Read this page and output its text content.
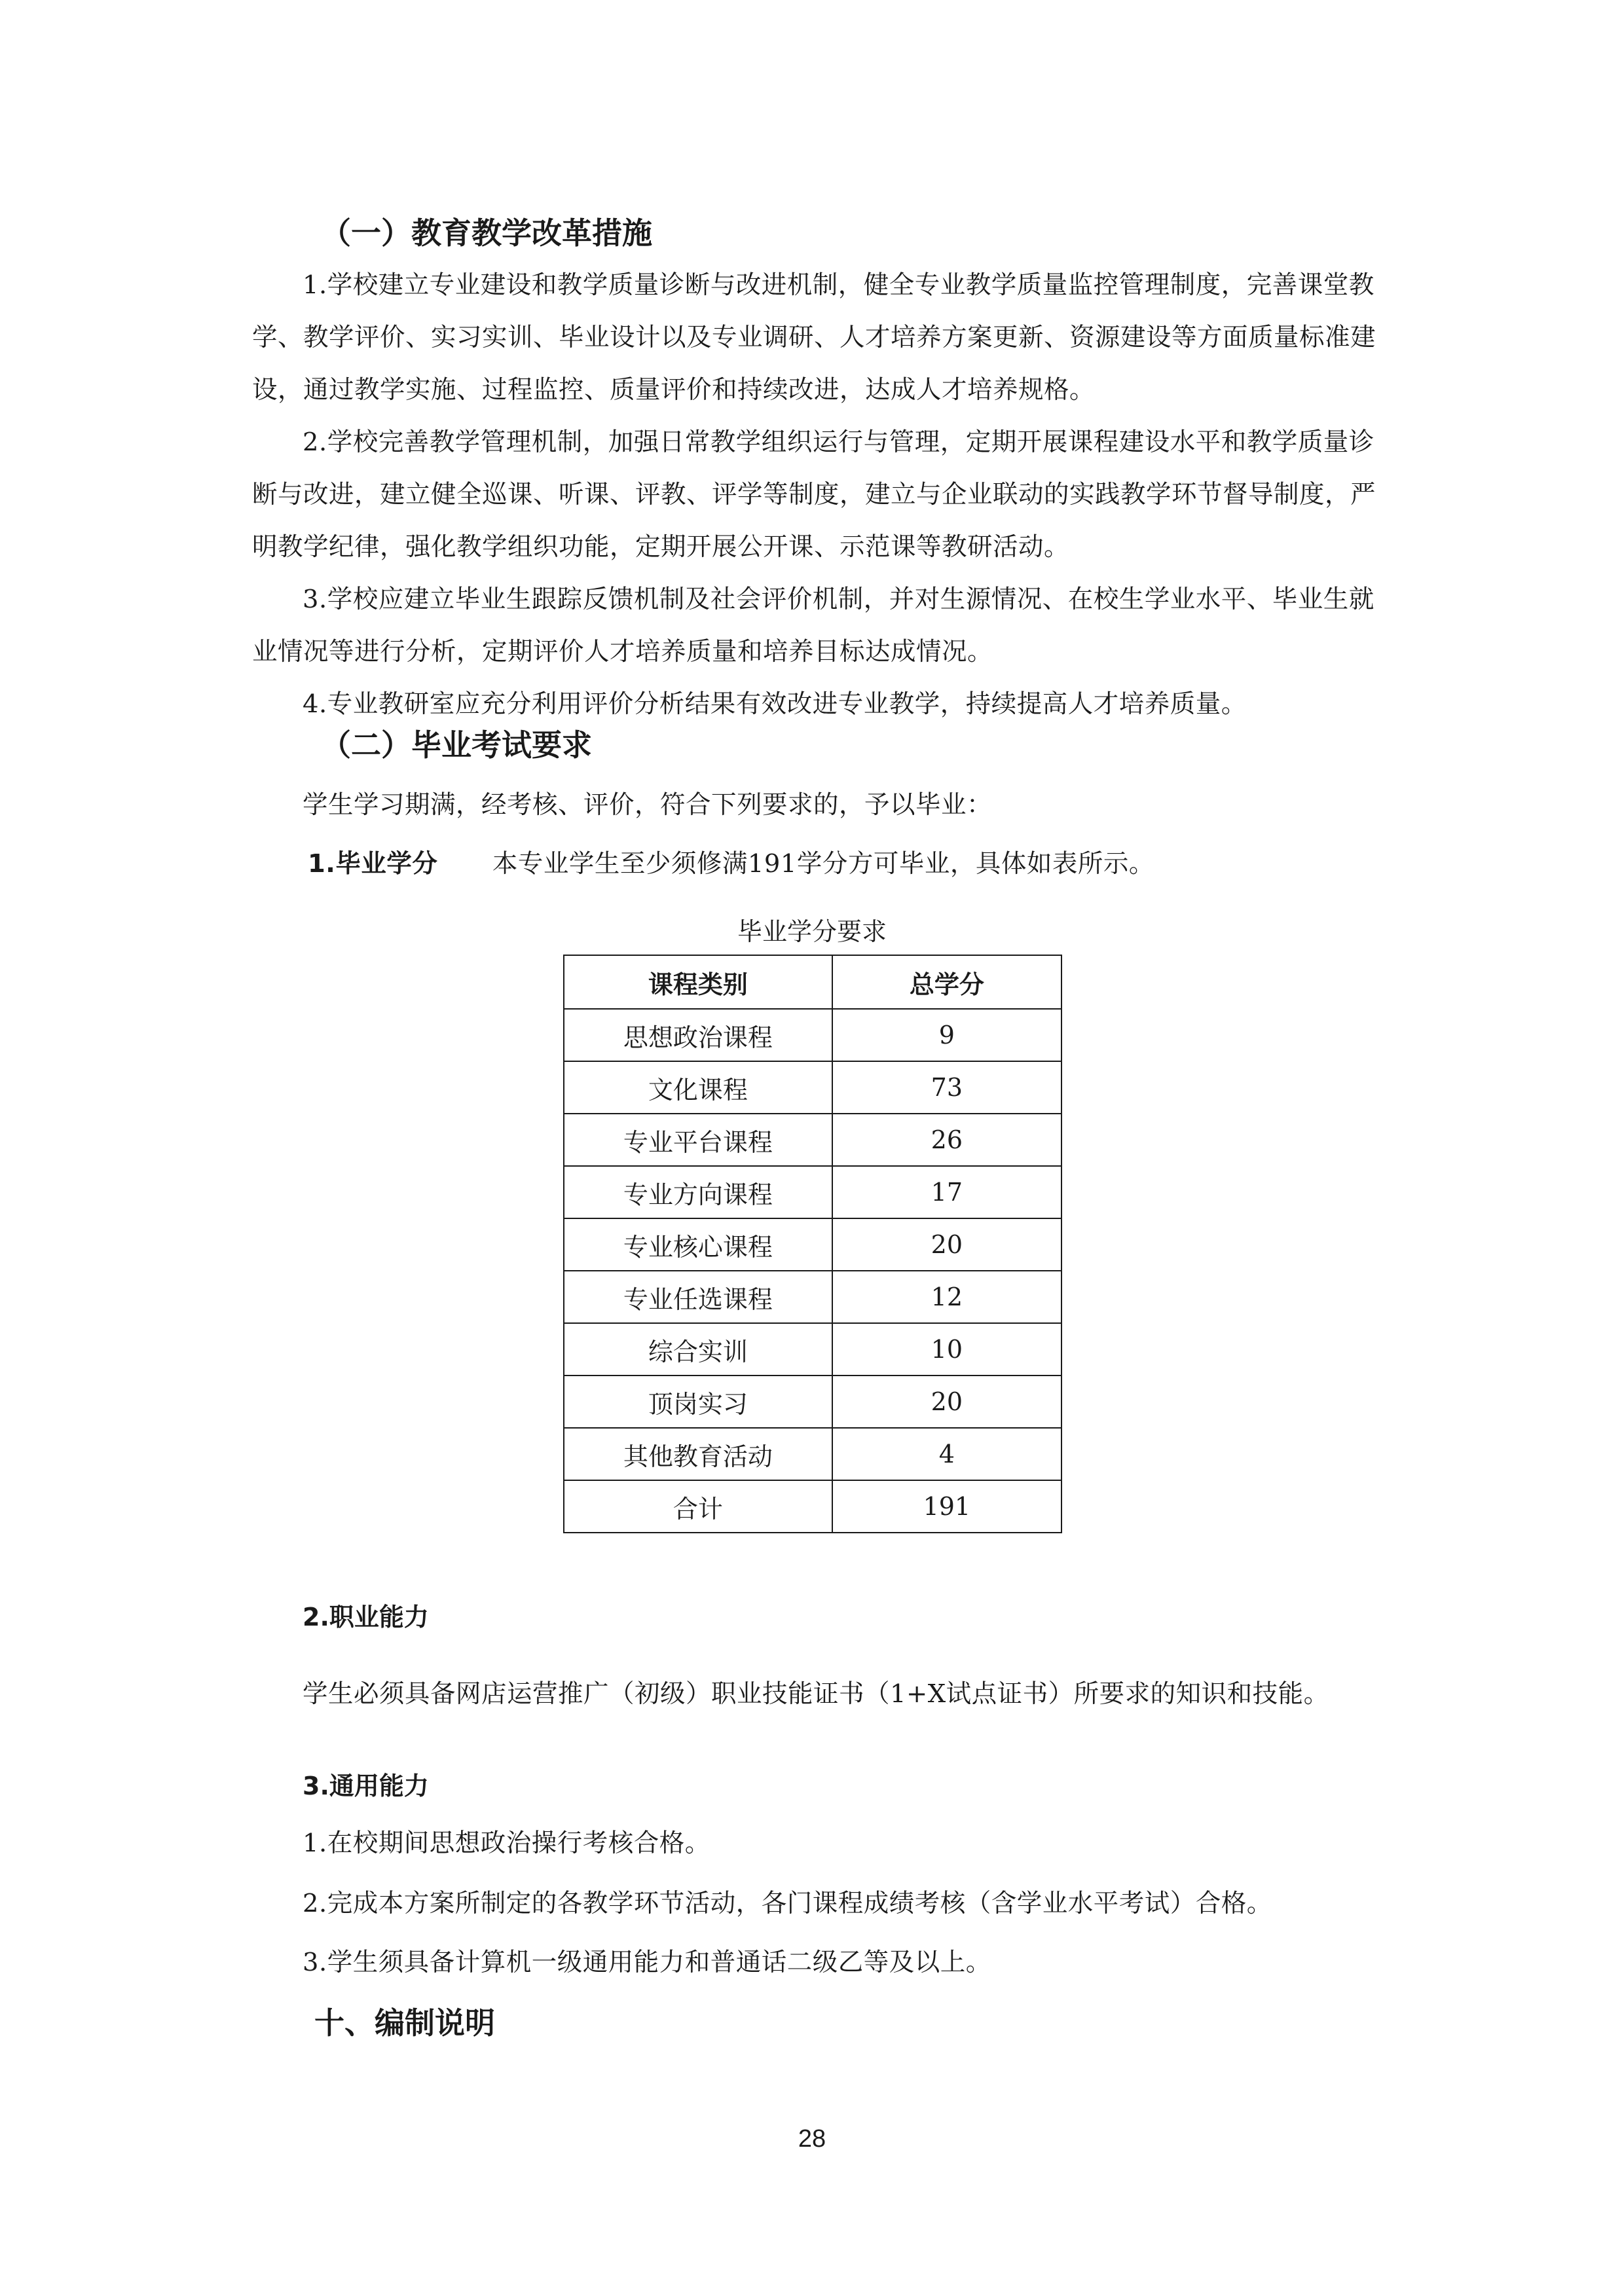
（一）教育教学改革措施
1.学校建立专业建设和教学质量诊断与改进机制，健全专业教学质量监控管理制度，完善课堂教学、教学评价、实习实训、毕业设计以及专业调研、人才培养方案更新、资源建设等方面质量标准建设，通过教学实施、过程监控、质量评价和持续改进，达成人才培养规格。
2.学校完善教学管理机制，加强日常教学组织运行与管理，定期开展课程建设水平和教学质量诊断与改进，建立健全巡课、听课、评教、评学等制度，建立与企业联动的实践教学环节督导制度，严明教学纪律，强化教学组织功能，定期开展公开课、示范课等教研活动。
3.学校应建立毕业生跟踪反馈机制及社会评价机制，并对生源情况、在校生学业水平、毕业生就业情况等进行分析，定期评价人才培养质量和培养目标达成情况。
4.专业教研室应充分利用评价分析结果有效改进专业教学，持续提高人才培养质量。
（二）毕业考试要求
学生学习期满，经考核、评价，符合下列要求的，予以毕业：
1.毕业学分 本专业学生至少须修满191学分方可毕业，具体如表所示。
毕业学分要求
课程类别	总学分
思想政治课程	9
文化课程	73
专业平台课程	26
专业方向课程	17
专业核心课程	20
专业任选课程	12
综合实训	10
顶岗实习	20
其他教育活动	4
合计	191
2.职业能力
学生必须具备网店运营推广（初级）职业技能证书（1+X试点证书）所要求的知识和技能。
3.通用能力
1.在校期间思想政治操行考核合格。
2.完成本方案所制定的各教学环节活动，各门课程成绩考核（含学业水平考试）合格。
3.学生须具备计算机一级通用能力和普通话二级乙等及以上。
十、编制说明
28
